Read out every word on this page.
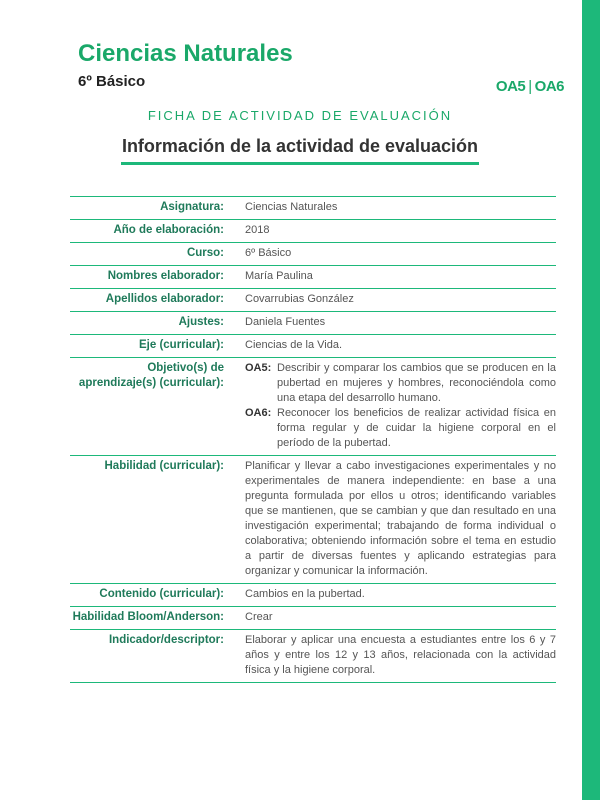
Ciencias Naturales
6º Básico	OA5 | OA6
FICHA DE ACTIVIDAD DE EVALUACIÓN
Información de la actividad de evaluación
Asignatura:	Ciencias Naturales
Año de elaboración:	2018
Curso:	6º Básico
Nombres elaborador:	María Paulina
Apellidos elaborador:	Covarrubias González
Ajustes:	Daniela Fuentes
Eje (curricular):	Ciencias de la Vida.
Objetivo(s) de aprendizaje(s) (curricular):	OA5: Describir y comparar los cambios que se producen en la pubertad en mujeres y hombres, reconociéndola como una etapa del desarrollo humano.
OA6: Reconocer los beneficios de realizar actividad física en forma regular y de cuidar la higiene corporal en el período de la pubertad.

Habilidad (curricular):	Planificar y llevar a cabo investigaciones experimentales y no experimentales de manera independiente: en base a una pregunta formulada por ellos u otros; identificando variables que se mantienen, que se cambian y que dan resultado en una investigación experimental; trabajando de forma individual o colaborativa; obteniendo información sobre el tema en estudio a partir de diversas fuentes y aplicando estrategias para organizar y comunicar la información.
Contenido (curricular):	Cambios en la pubertad.
Habilidad Bloom/Anderson:	Crear
Indicador/descriptor:	Elaborar y aplicar una encuesta a estudiantes entre los 6 y 7 años y entre los 12 y 13 años, relacionada con la actividad física y la higiene corporal.
